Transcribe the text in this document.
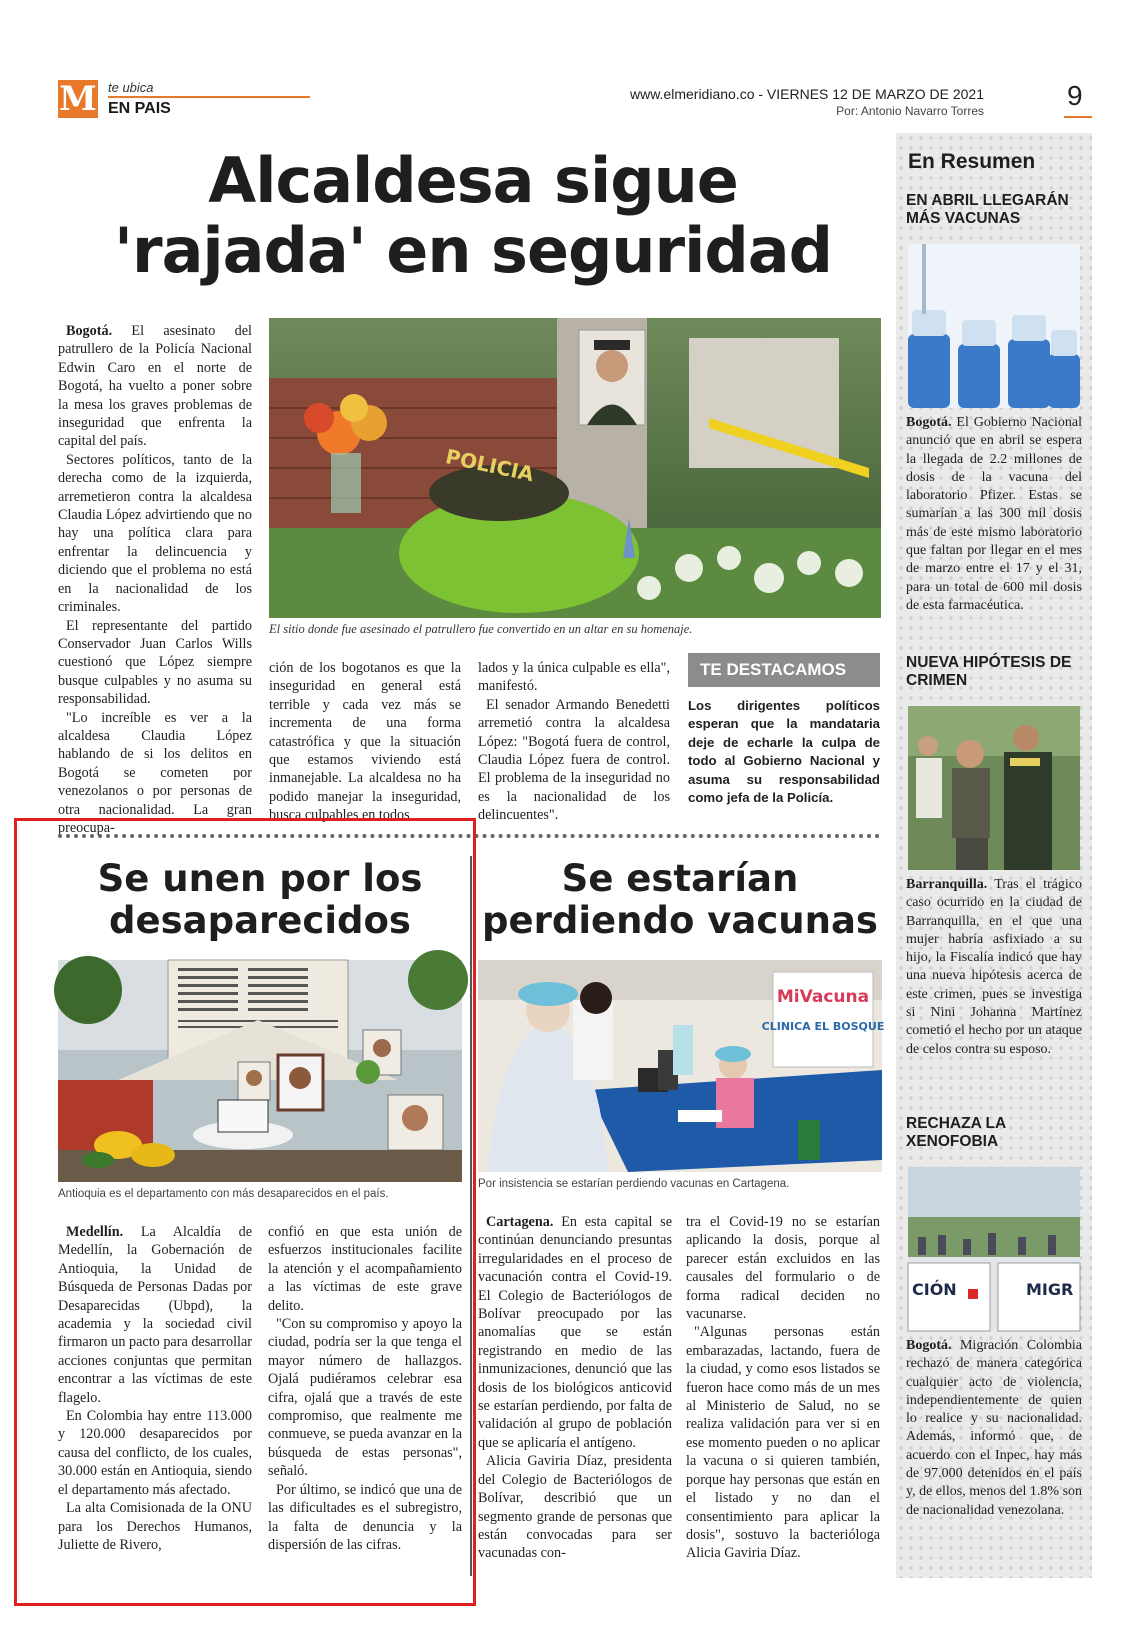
M te ubica
EN PAIS
www.elmeridiano.co - VIERNES 12 DE MARZO DE 2021
Por: Antonio Navarro Torres	9
Alcaldesa sigue
'rajada' en seguridad

Bogotá. El asesinato del patrullero de la Policía Nacional Edwin Caro en el norte de Bogotá, ha vuelto a poner sobre la mesa los graves problemas de inseguridad que enfrenta la capital del país.

Sectores políticos, tanto de la derecha como de la izquierda, arremetieron contra la alcaldesa Claudia López advirtiendo que no hay una política clara para enfrentar la delincuencia y diciendo que el problema no está en la nacionalidad de los criminales.

El representante del partido Conservador Juan Carlos Wills cuestionó que López siempre busque culpables y no asuma su responsabilidad.

"Lo increíble es ver a la alcaldesa Claudia López hablando de si los delitos en Bogotá se cometen por venezolanos o por personas de otra nacionalidad. La gran preocupa-

POLICIA
El sitio donde fue asesinado el patrullero fue convertido en un altar en su homenaje.

ción de los bogotanos es que la inseguridad en general está terrible y cada vez más se incrementa de una forma catastrófica y que la situación que estamos viviendo está inmanejable. La alcaldesa no ha podido manejar la inseguridad, busca culpables en todos

lados y la única culpable es ella", manifestó.

El senador Armando Benedetti arremetió contra la alcaldesa López: "Bogotá fuera de control, Claudia López fuera de control. El problema de la inseguridad no es la nacionalidad de los delincuentes".

TE DESTACAMOS
Los dirigentes políticos esperan que la mandataria deje de echarle la culpa de todo al Gobierno Nacional y asuma su responsabilidad como jefa de la Policía.
Se unen por los
desaparecidos
Antioquia es el departamento con más desaparecidos en el país.

Medellín. La Alcaldía de Medellín, la Gobernación de Antioquia, la Unidad de Búsqueda de Personas Dadas por Desaparecidas (Ubpd), la academia y la sociedad civil firmaron un pacto para desarrollar acciones conjuntas que permitan encontrar a las víctimas de este flagelo.

En Colombia hay entre 113.000 y 120.000 desaparecidos por causa del conflicto, de los cuales, 30.000 están en Antioquia, siendo el departamento más afectado.

La alta Comisionada de la ONU para los Derechos Humanos, Juliette de Rivero,

confió en que esta unión de esfuerzos institucionales facilite la atención y el acompañamiento a las víctimas de este grave delito.

"Con su compromiso y apoyo la ciudad, podría ser la que tenga el mayor número de hallazgos. Ojalá pudiéramos celebrar esa cifra, ojalá que a través de este compromiso, que realmente me conmueve, se pueda avanzar en la búsqueda de estas personas", señaló.

Por último, se indicó que una de las dificultades es el subregistro, la falta de denuncia y la dispersión de las cifras.

Se estarían
perdiendo vacunas
MiVacuna
CLINICA EL BOSQUE
Por insistencia se estarían perdiendo vacunas en Cartagena.

Cartagena. En esta capital se continúan denunciando presuntas irregularidades en el proceso de vacunación contra el Covid-19. El Colegio de Bacteriólogos de Bolívar preocupado por las anomalías que se están registrando en medio de las inmunizaciones, denunció que las dosis de los biológicos anticovid se estarían perdiendo, por falta de validación al grupo de población que se aplicaría el antígeno.

Alicia Gaviria Díaz, presidenta del Colegio de Bacteriólogos de Bolívar, describió que un segmento grande de personas que están convocadas para ser vacunadas con-

tra el Covid-19 no se estarían aplicando la dosis, porque al parecer están excluidos en las causales del formulario o de forma radical deciden no vacunarse.

"Algunas personas están embarazadas, lactando, fuera de la ciudad, y como esos listados se fueron hace como más de un mes al Ministerio de Salud, no se realiza validación para ver si en ese momento pueden o no aplicar la vacuna o si quieren también, porque hay personas que están en el listado y no dan el consentimiento para aplicar la dosis", sostuvo la bacterióloga Alicia Gaviria Díaz.

En Resumen
EN ABRIL LLEGARÁN MÁS VACUNAS
Bogotá. El Gobierno Nacional anunció que en abril se espera la llegada de 2.2 millones de dosis de la vacuna del laboratorio Pfizer. Estas se sumarían a las 300 mil dosis más de este mismo laboratorio que faltan por llegar en el mes de marzo entre el 17 y el 31, para un total de 600 mil dosis de esta farmacéutica.
NUEVA HIPÓTESIS DE CRIMEN
Barranquilla. Tras el trágico caso ocurrido en la ciudad de Barranquilla, en el que una mujer habría asfixiado a su hijo, la Fiscalía indicó que hay una nueva hipótesis acerca de este crimen, pues se investiga si Nini Johanna Martínez cometió el hecho por un ataque de celos contra su esposo.
RECHAZA LA XENOFOBIA
CIÓN	MIGR
Bogotá. Migración Colombia rechazó de manera categórica cualquier acto de violencia, independientemente de quien lo realice y su nacionalidad. Además, informó que, de acuerdo con el Inpec, hay más de 97.000 detenidos en el país y, de ellos, menos del 1.8% son de nacionalidad venezolana.
